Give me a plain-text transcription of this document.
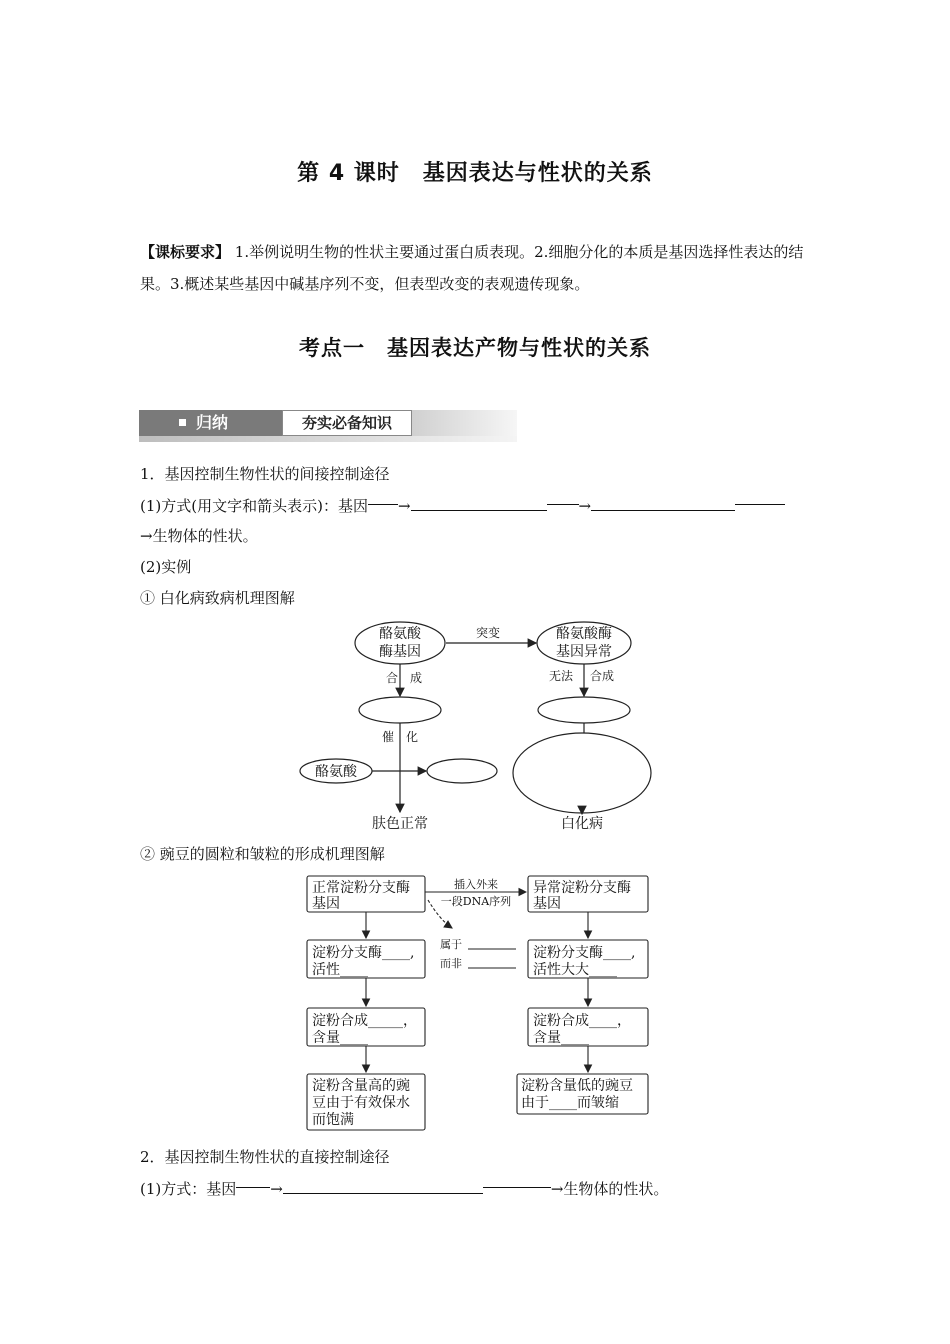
第 4 课时　基因表达与性状的关系
【课标要求】 1.举例说明生物的性状主要通过蛋白质表现。2.细胞分化的本质是基因选择性表达的结果。3.概述某些基因中碱基序列不变，但表型改变的表观遗传现象。
考点一　基因表达产物与性状的关系
归纳	夯实必备知识
1．基因控制生物性状的间接控制途径
(1)方式(用文字和箭头表示)：基因 →	→
→生物体的性状。
(2)实例
① 白化病致病机理图解
酪氨酸
酶基因
酪氨酸酶
基因异常
突变
合　成	无法 合成
催　化
酪氨酸
肤色正常	白化病
② 豌豆的圆粒和皱粒的形成机理图解
正常淀粉分支酶
基因
异常淀粉分支酶
基因
插入外来
一段DNA序列
属于
而非
淀粉分支酶____,
活性____
淀粉分支酶____,
活性大大____
淀粉合成_____，
含量____
淀粉合成____，
含量____
淀粉含量高的豌
豆由于有效保水
而饱满
淀粉含量低的豌豆
由于____而皱缩
2．基因控制生物性状的直接控制途径
(1)方式：基因 →	→生物体的性状。
